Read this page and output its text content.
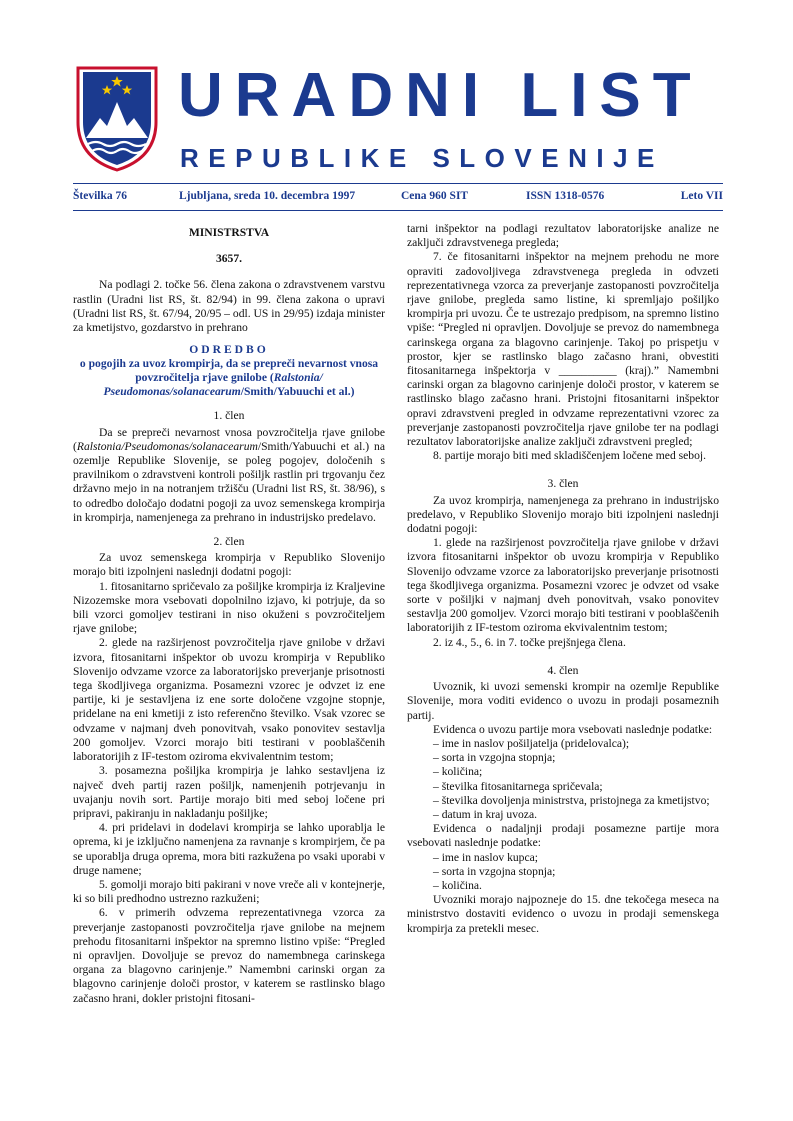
URADNI LIST
REPUBLIKE SLOVENIJE
Številka 76	Ljubljana, sreda 10. decembra 1997	Cena 960 SIT	ISSN 1318-0576	Leto VII
MINISTRSTVA
3657.

Na podlagi 2. točke 56. člena zakona o zdravstvenem varstvu rastlin (Uradni list RS, št. 82/94) in 99. člena zakona o upravi (Uradni list RS, št. 67/94, 20/95 – odl. US in 29/95) izdaja minister za kmetijstvo, gozdarstvo in prehrano

ODREDBO
o pogojih za uvoz krompirja, da se prepreči nevarnost vnosa povzročitelja rjave gnilobe (Ralstonia/ Pseudomonas/solanacearum/Smith/Yabuuchi et al.)
1. člen

Da se prepreči nevarnost vnosa povzročitelja rjave gnilobe (Ralstonia/Pseudomonas/solanacearum/Smith/Yabuuchi et al.) na ozemlje Republike Slovenije, se poleg pogojev, določenih s pravilnikom o zdravstveni kontroli pošiljk rastlin pri trgovanju čez državno mejo in na notranjem tržišču (Uradni list RS, št. 38/96), s to odredbo določajo dodatni pogoji za uvoz semenskega krompirja in krompirja, namenjenega za prehrano in industrijsko predelavo.

2. člen

Za uvoz semenskega krompirja v Republiko Slovenijo morajo biti izpolnjeni naslednji dodatni pogoji:

1. fitosanitarno spričevalo za pošiljke krompirja iz Kraljevine Nizozemske mora vsebovati dopolnilno izjavo, ki potrjuje, da so bili vzorci gomoljev testirani in niso okuženi s povzročiteljem rjave gnilobe;

2. glede na razširjenost povzročitelja rjave gnilobe v državi izvora, fitosanitarni inšpektor ob uvozu krompirja v Republiko Slovenijo odvzame vzorce za laboratorijsko preverjanje prisotnosti tega škodljivega organizma. Posamezni vzorec je odvzet iz ene partije, ki je sestavljena iz ene sorte določene vzgojne stopnje, pridelane na eni kmetiji z isto referenčno številko. Vsak vzorec se odvzame v najmanj dveh ponovitvah, vsako ponovitev sestavlja 200 gomoljev. Vzorci morajo biti testirani v pooblaščenih laboratorijih z IF-testom oziroma ekvivalentnim testom;

3. posamezna pošiljka krompirja je lahko sestavljena iz največ dveh partij razen pošiljk, namenjenih potrjevanju in uvajanju novih sort. Partije morajo biti med seboj ločene pri pripravi, pakiranju in nakladanju pošiljke;

4. pri pridelavi in dodelavi krompirja se lahko uporablja le oprema, ki je izključno namenjena za ravnanje s krompirjem, če pa se uporablja druga oprema, mora biti razkužena po vsaki uporabi v druge namene;

5. gomolji morajo biti pakirani v nove vreče ali v kontejnerje, ki so bili predhodno ustrezno razkuženi;

6. v primerih odvzema reprezentativnega vzorca za preverjanje zastopanosti povzročitelja rjave gnilobe na mejnem prehodu fitosanitarni inšpektor na spremno listino vpiše: “Pregled ni opravljen. Dovoljuje se prevoz do namembnega carinskega organa za blagovno carinjenje.” Namembni carinski organ za blagovno carinjenje določi prostor, v katerem se rastlinsko blago začasno hrani, dokler pristojni fitosani-

tarni inšpektor na podlagi rezultatov laboratorijske analize ne zaključi zdravstvenega pregleda;

7. če fitosanitarni inšpektor na mejnem prehodu ne more opraviti zadovoljivega zdravstvenega pregleda in odvzeti reprezentativnega vzorca za preverjanje zastopanosti povzročitelja rjave gnilobe, pregleda samo listine, ki spremljajo pošiljko krompirja pri uvozu. Če te ustrezajo predpisom, na spremno listino vpiše: “Pregled ni opravljen. Dovoljuje se prevoz do namembnega carinskega organa za blagovno carinjenje. Takoj po prispetju v prostor, kjer se rastlinsko blago začasno hrani, obvestiti fitosanitarnega inšpektorja v __________ (kraj).” Namembni carinski organ za blagovno carinjenje določi prostor, v katerem se rastlinsko blago začasno hrani. Pristojni fitosanitarni inšpektor opravi zdravstveni pregled in odvzame reprezentativni vzorec za preverjanje zastopanosti povzročitelja rjave gnilobe ter na podlagi rezultatov laboratorijske analize zaključi zdravstveni pregled;

8. partije morajo biti med skladiščenjem ločene med seboj.

3. člen

Za uvoz krompirja, namenjenega za prehrano in industrijsko predelavo, v Republiko Slovenijo morajo biti izpolnjeni naslednji dodatni pogoji:

1. glede na razširjenost povzročitelja rjave gnilobe v državi izvora fitosanitarni inšpektor ob uvozu krompirja v Republiko Slovenijo odvzame vzorce za laboratorijsko preverjanje prisotnosti tega škodljivega organizma. Posamezni vzorec je odvzet od vsake sorte v pošiljki v najmanj dveh ponovitvah, vsako ponovitev sestavlja 200 gomoljev. Vzorci morajo biti testirani v pooblaščenih laboratorijih z IF-testom oziroma ekvivalentnim testom;

2. iz 4., 5., 6. in 7. točke prejšnjega člena.

4. člen

Uvoznik, ki uvozi semenski krompir na ozemlje Republike Slovenije, mora voditi evidenco o uvozu in prodaji posameznih partij.

Evidenca o uvozu partije mora vsebovati naslednje podatke:

– ime in naslov pošiljatelja (pridelovalca);

– sorta in vzgojna stopnja;

– količina;

– številka fitosanitarnega spričevala;

– številka dovoljenja ministrstva, pristojnega za kmetijstvo;

– datum in kraj uvoza.

Evidenca o nadaljnji prodaji posamezne partije mora vsebovati naslednje podatke:

– ime in naslov kupca;

– sorta in vzgojna stopnja;

– količina.

Uvozniki morajo najpozneje do 15. dne tekočega meseca na ministrstvo dostaviti evidenco o uvozu in prodaji semenskega krompirja za pretekli mesec.
